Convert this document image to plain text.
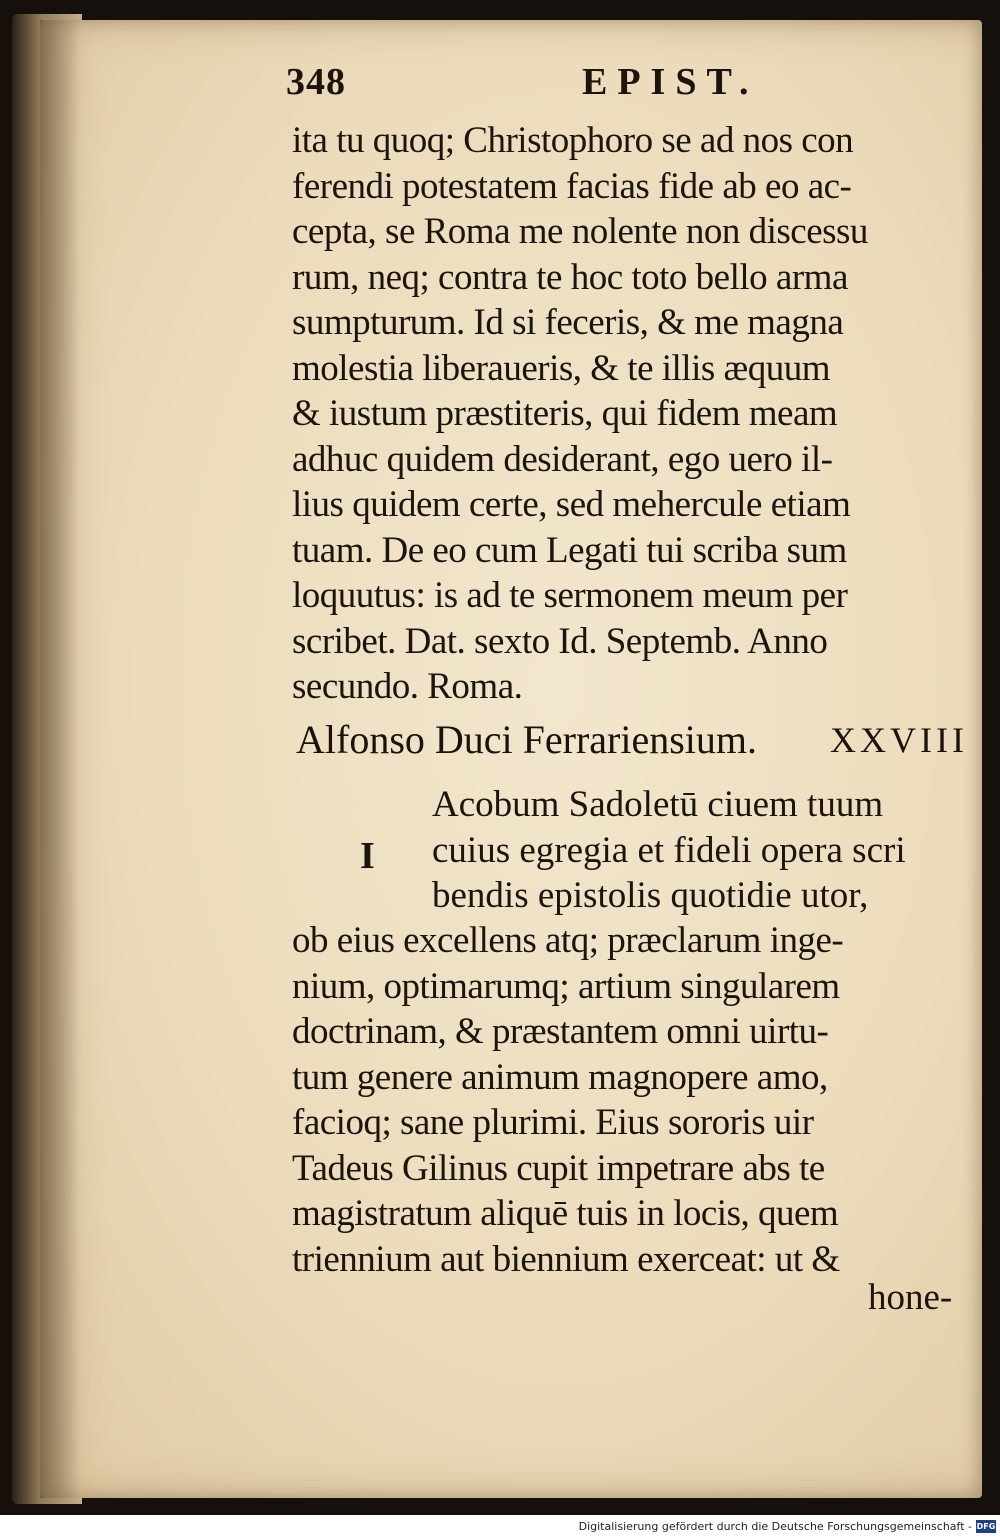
348	EPIST.
ita tu quoq; Christophoro se ad nos con
ferendi potestatem facias fide ab eo ac-
cepta, se Roma me nolente non discessu
rum, neq; contra te hoc toto bello arma
sumpturum. Id si feceris, & me magna
molestia liberaueris, & te illis æquum
& iustum præstiteris, qui fidem meam
adhuc quidem desiderant, ego uero il-
lius quidem certe, sed mehercule etiam
tuam. De eo cum Legati tui scriba sum
loquutus: is ad te sermonem meum per
scribet. Dat. sexto Id. Septemb. Anno
secundo. Roma.
Alfonso Duci Ferrariensium. XXVIII
I
Acobum Sadoletū ciuem tuum
cuius egregia et fideli opera scri
bendis epistolis quotidie utor,
ob eius excellens atq; præclarum inge-
nium, optimarumq; artium singularem
doctrinam, & præstantem omni uirtu-
tum genere animum magnopere amo,
facioq; sane plurimi. Eius sororis uir
Tadeus Gilinus cupit impetrare abs te
magistratum aliquē tuis in locis, quem
triennium aut biennium exerceat: ut &
hone-
Digitalisierung gefördert durch die Deutsche Forschungsgemeinschaft - DFG
